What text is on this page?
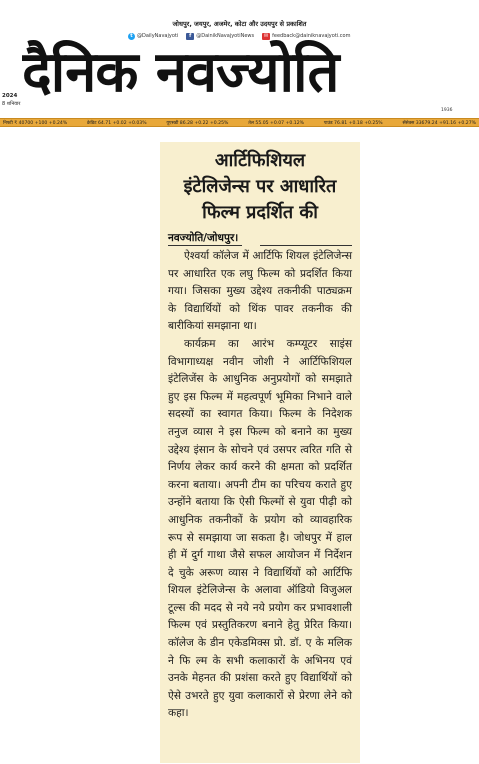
जोधपुर, जयपुर, अजमेर, कोटा और उदयपुर से प्रकाशित
t @DailyNavajyoti	f @DainikNavajyotiNews	✉ feedback@dainiknavajyoti.com
दैनिक नवज्योति
2024
8 शनिवार
1936
निफ्टी ₹ 40700 +100 +0.24%	क्रेडिट 64.71 +0.02 +0.03%	यूएसडी 86.28 +0.22 +0.25%	तेल 55.05 +0.07 +0.12%	पाउंड 76.81 +0.18 +0.25%	सेंसेक्स 33679.24 +91.16 +0.27%
आर्टिफिशियल
इंटेलिजेन्स पर आधारित
फिल्म प्रदर्शित की
नवज्योति/जोधपुर।

ऐश्वर्या कॉलेज में आर्टिफि शियल इंटेलिजेन्स पर आधारित एक लघु फिल्म को प्रदर्शित किया गया। जिसका मुख्य उद्देश्य तकनीकी पाठ्यक्रम के विद्यार्थियों को थिंक पावर तकनीक की बारीकियां समझाना था।

कार्यक्रम का आरंभ कम्प्यूटर साइंस विभागाध्यक्ष नवीन जोशी ने आर्टिफिशियल इंटेलिजेंस के आधुनिक अनुप्रयोगों को समझाते हुए इस फिल्म में महत्वपूर्ण भूमिका निभाने वाले सदस्यों का स्वागत किया। फिल्म के निदेशक तनुज व्यास ने इस फिल्म को बनाने का मुख्य उद्देश्य इंसान के सोचने एवं उसपर त्वरित गति से निर्णय लेकर कार्य करने की क्षमता को प्रदर्शित करना बताया। अपनी टीम का परिचय कराते हुए उन्होंने बताया कि ऐसी फिल्मों से युवा पीढ़ी को आधुनिक तकनीकों के प्रयोग को व्यावहारिक रूप से समझाया जा सकता है। जोधपुर में हाल ही में दुर्ग गाथा जैसे सफल आयोजन में निर्देशन दे चुके अरूण व्यास ने विद्यार्थियों को आर्टिफि शियल इंटेलिजेन्स के अलावा ऑडियो विजुअल टूल्स की मदद से नये नये प्रयोग कर प्रभावशाली फिल्म एवं प्रस्तुतिकरण बनाने हेतु प्रेरित किया। कॉलेज के डीन एकेडमिक्स प्रो. डॉ. ए के मलिक ने फि ल्म के सभी कलाकारों के अभिनय एवं उनके मेहनत की प्रशंसा करते हुए विद्यार्थियों को ऐसे उभरते हुए युवा कलाकारों से प्रेरणा लेने को कहा।
